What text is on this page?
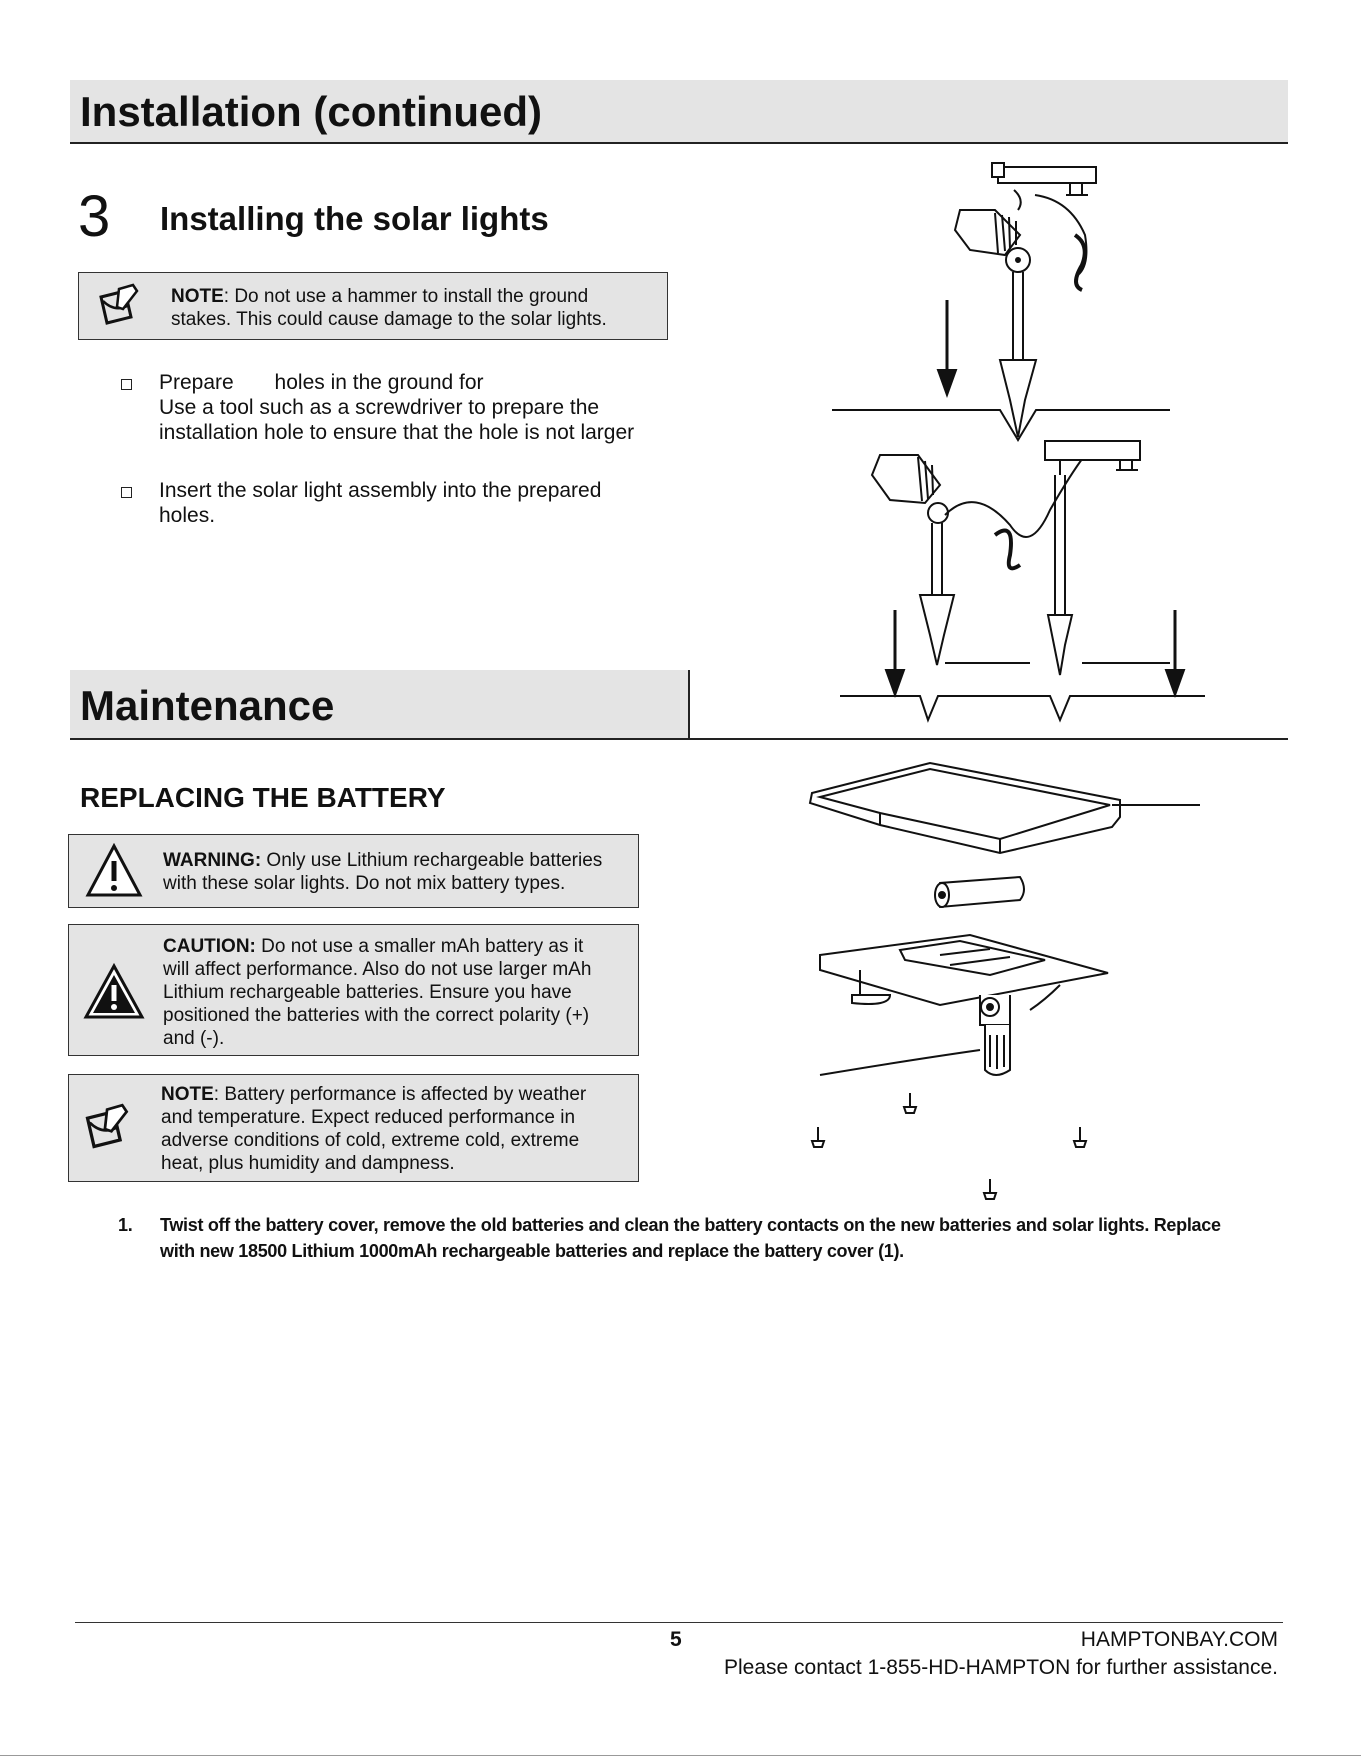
Installation (continued)
3 Installing the solar lights
NOTE: Do not use a hammer to install the ground
stakes. This could cause damage to the solar lights.
Prepare       holes in the ground for
Use a tool such as a screwdriver to prepare the
installation hole to ensure that the hole is not larger
Insert the solar light assembly into the prepared
holes.
Maintenance
REPLACING THE BATTERY
WARNING: Only use Lithium rechargeable batteries
with these solar lights. Do not mix battery types.
CAUTION: Do not use a smaller mAh battery as it
will affect performance. Also do not use larger mAh
Lithium rechargeable batteries. Ensure you have
positioned the batteries with the correct polarity (+)
and (-).
NOTE: Battery performance is affected by weather
and temperature. Expect reduced performance in
adverse conditions of cold, extreme cold, extreme
heat, plus humidity and dampness.
1. Twist off the battery cover, remove the old batteries and clean the battery contacts on the new batteries and solar lights. Replace
with new 18500 Lithium 1000mAh rechargeable batteries and replace the battery cover (1).
5	HAMPTONBAY.COM
Please contact 1-855-HD-HAMPTON for further assistance.
